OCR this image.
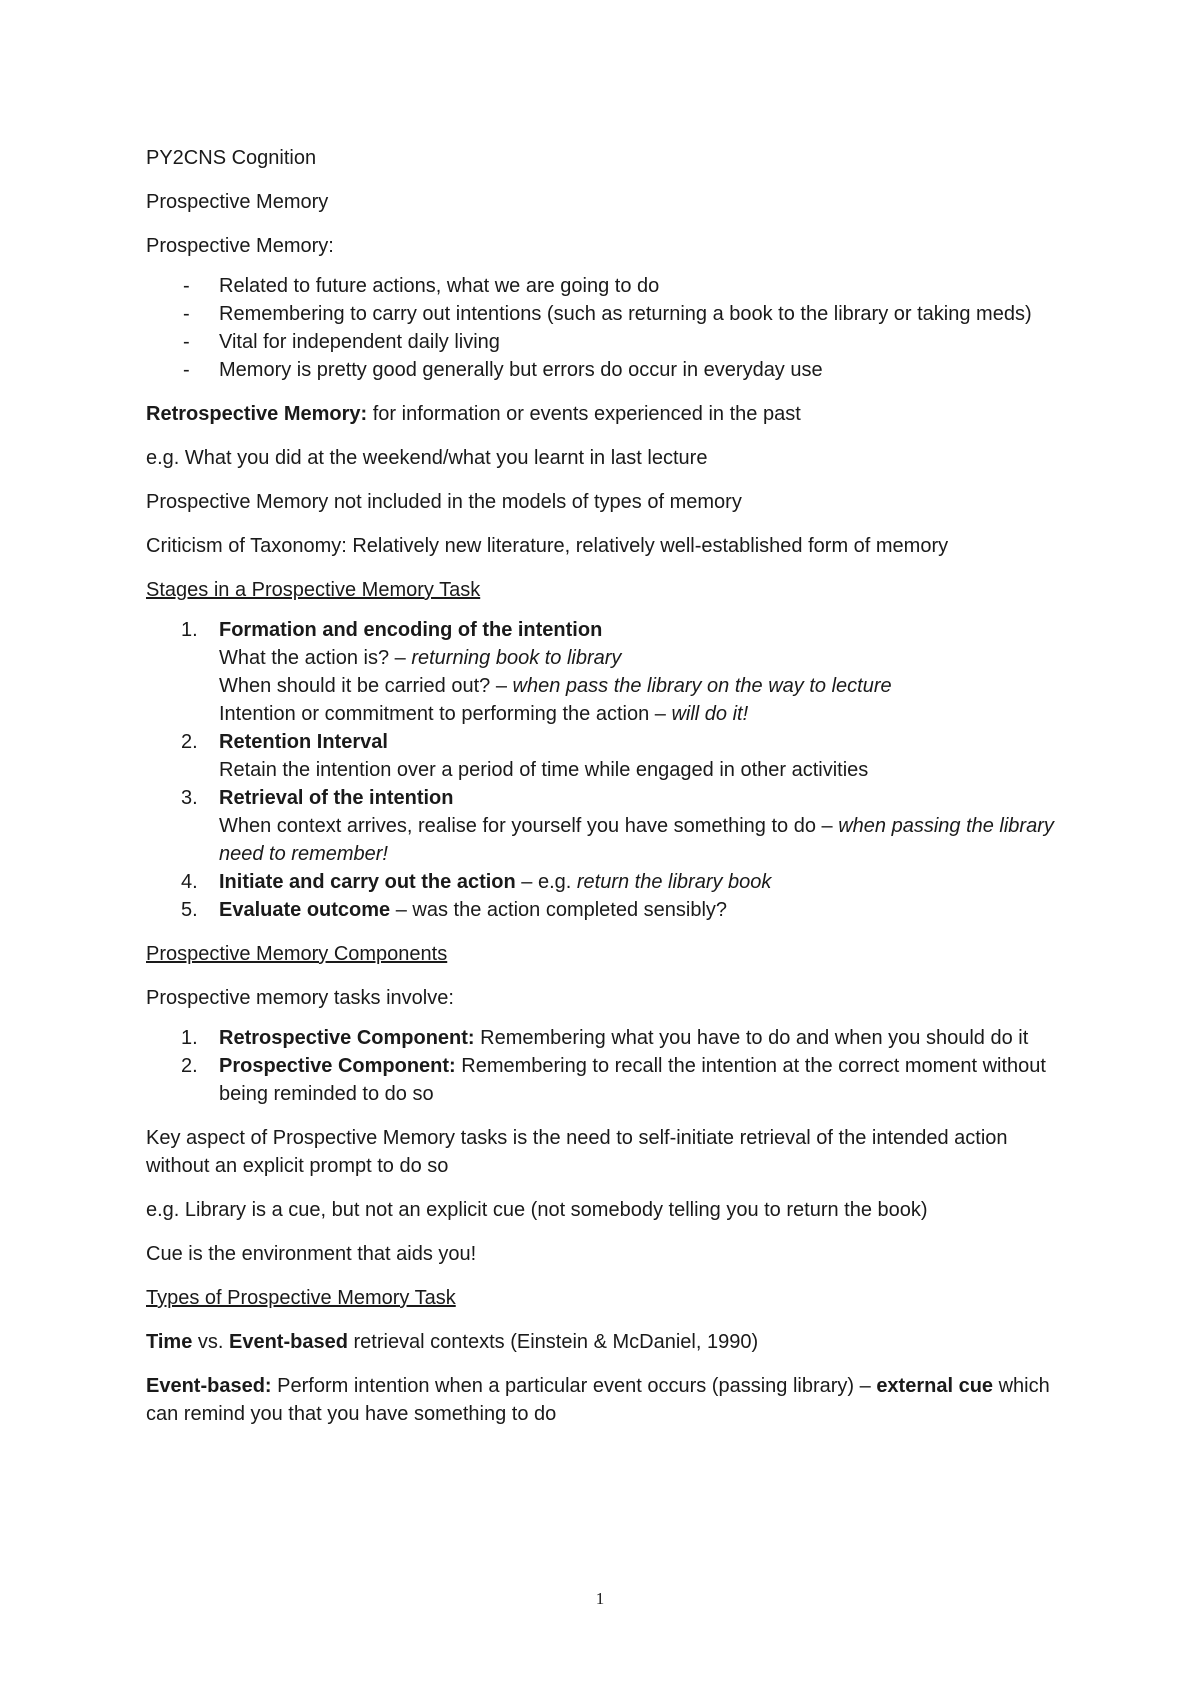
PY2CNS Cognition

Prospective Memory

Prospective Memory:

- Related to future actions, what we are going to do
- Remembering to carry out intentions (such as returning a book to the library or taking meds)
- Vital for independent daily living
- Memory is pretty good generally but errors do occur in everyday use

Retrospective Memory: for information or events experienced in the past

e.g. What you did at the weekend/what you learnt in last lecture

Prospective Memory not included in the models of types of memory

Criticism of Taxonomy: Relatively new literature, relatively well-established form of memory

Stages in a Prospective Memory Task

1. Formation and encoding of the intention
What the action is? – returning book to library
When should it be carried out? – when pass the library on the way to lecture
Intention or commitment to performing the action – will do it!
2. Retention Interval
Retain the intention over a period of time while engaged in other activities
3. Retrieval of the intention
When context arrives, realise for yourself you have something to do – when passing the library need to remember!
4. Initiate and carry out the action – e.g. return the library book
5. Evaluate outcome – was the action completed sensibly?

Prospective Memory Components

Prospective memory tasks involve:

1. Retrospective Component: Remembering what you have to do and when you should do it
2. Prospective Component: Remembering to recall the intention at the correct moment without being reminded to do so

Key aspect of Prospective Memory tasks is the need to self-initiate retrieval of the intended action without an explicit prompt to do so

e.g. Library is a cue, but not an explicit cue (not somebody telling you to return the book)

Cue is the environment that aids you!

Types of Prospective Memory Task

Time vs. Event-based retrieval contexts (Einstein & McDaniel, 1990)

Event-based: Perform intention when a particular event occurs (passing library) – external cue which can remind you that you have something to do

1
